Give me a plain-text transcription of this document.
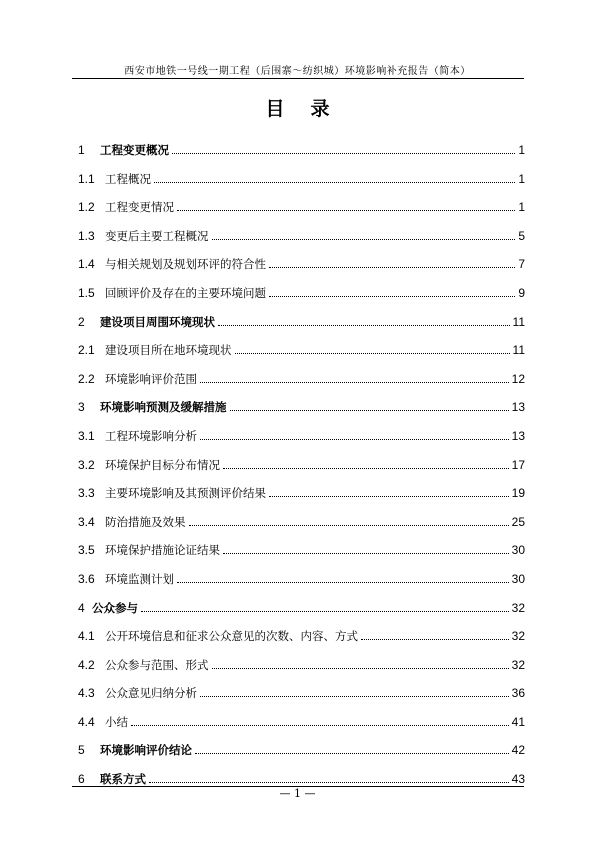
西安市地铁一号线一期工程（后围寨～纺织城）环境影响补充报告（简本）
目录
1	工程变更概况	1
1.1 工程概况	1
1.2 工程变更情况	1
1.3 变更后主要工程概况	5
1.4 与相关规划及规划环评的符合性	7
1.5 回顾评价及存在的主要环境问题	9
2	建设项目周围环境现状	11
2.1 建设项目所在地环境现状	11
2.2 环境影响评价范围	12
3	环境影响预测及缓解措施	13
3.1 工程环境影响分析	13
3.2 环境保护目标分布情况	17
3.3 主要环境影响及其预测评价结果	19
3.4 防治措施及效果	25
3.5 环境保护措施论证结果	30
3.6 环境监测计划	30
4 公众参与	32
4.1 公开环境信息和征求公众意见的次数、内容、方式	32
4.2 公众参与范围、形式	32
4.3 公众意见归纳分析	36
4.4 小结	41
5	环境影响评价结论	42
6	联系方式	43
— 1 —
